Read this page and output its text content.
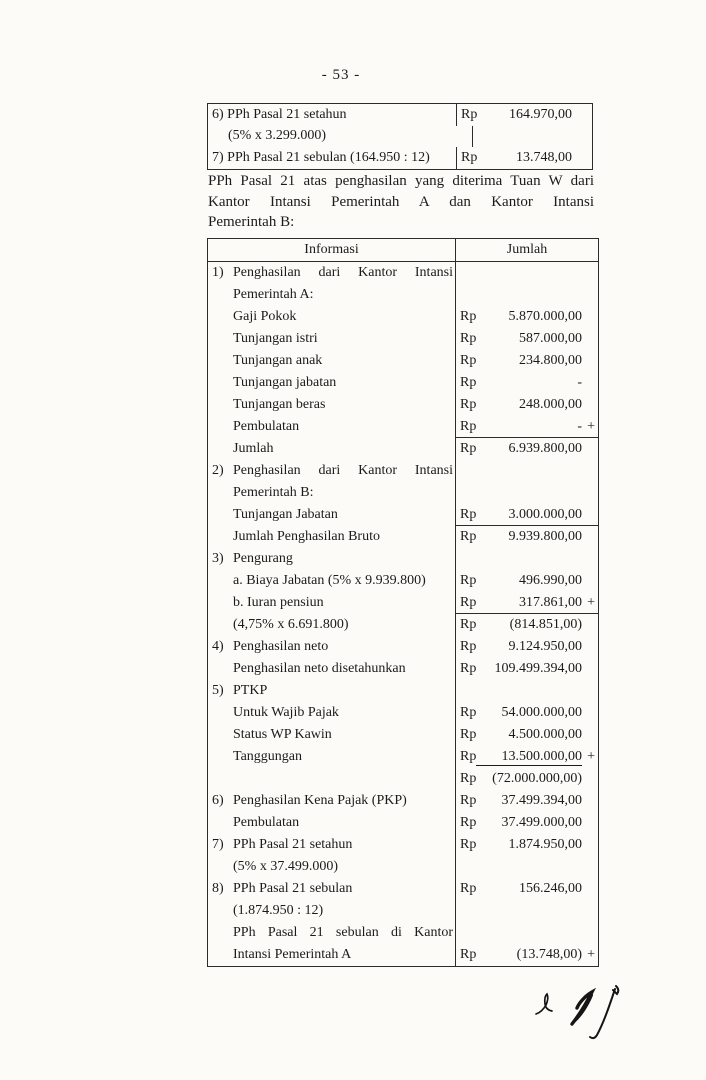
- 53 -
6) PPh Pasal 21 setahun	Rp	164.970,00
(5% x 3.299.000)
7) PPh Pasal 21 sebulan (164.950 : 12)	Rp	13.748,00
PPh Pasal 21 atas penghasilan yang diterima Tuan W dari
Kantor Intansi Pemerintah A dan Kantor Intansi
Pemerintah B:
Informasi	Jumlah
1) Penghasilan dari Kantor Intansi
Pemerintah A:
Gaji Pokok	Rp	5.870.000,00
Tunjangan istri	Rp	587.000,00
Tunjangan anak	Rp	234.800,00
Tunjangan jabatan	Rp	-
Tunjangan beras	Rp	248.000,00
Pembulatan	Rp	- +
Jumlah	Rp	6.939.800,00
2) Penghasilan dari Kantor Intansi
Pemerintah B:
Tunjangan Jabatan	Rp	3.000.000,00
Jumlah Penghasilan Bruto	Rp	9.939.800,00
3) Pengurang
a. Biaya Jabatan (5% x 9.939.800)	Rp	496.990,00
b. Iuran pensiun	Rp	317.861,00 +
(4,75% x 6.691.800)	Rp	(814.851,00)
4) Penghasilan neto	Rp	9.124.950,00
Penghasilan neto disetahunkan	Rp	109.499.394,00
5) PTKP
Untuk Wajib Pajak	Rp	54.000.000,00
Status WP Kawin	Rp	4.500.000,00
Tanggungan	Rp	13.500.000,00 +
Rp	(72.000.000,00)
6) Penghasilan Kena Pajak (PKP)	Rp	37.499.394,00
Pembulatan	Rp	37.499.000,00
7) PPh Pasal 21 setahun	Rp	1.874.950,00
(5% x 37.499.000)
8) PPh Pasal 21 sebulan	Rp	156.246,00
(1.874.950 : 12)
PPh Pasal 21 sebulan di Kantor
Intansi Pemerintah A	Rp	(13.748,00) +
